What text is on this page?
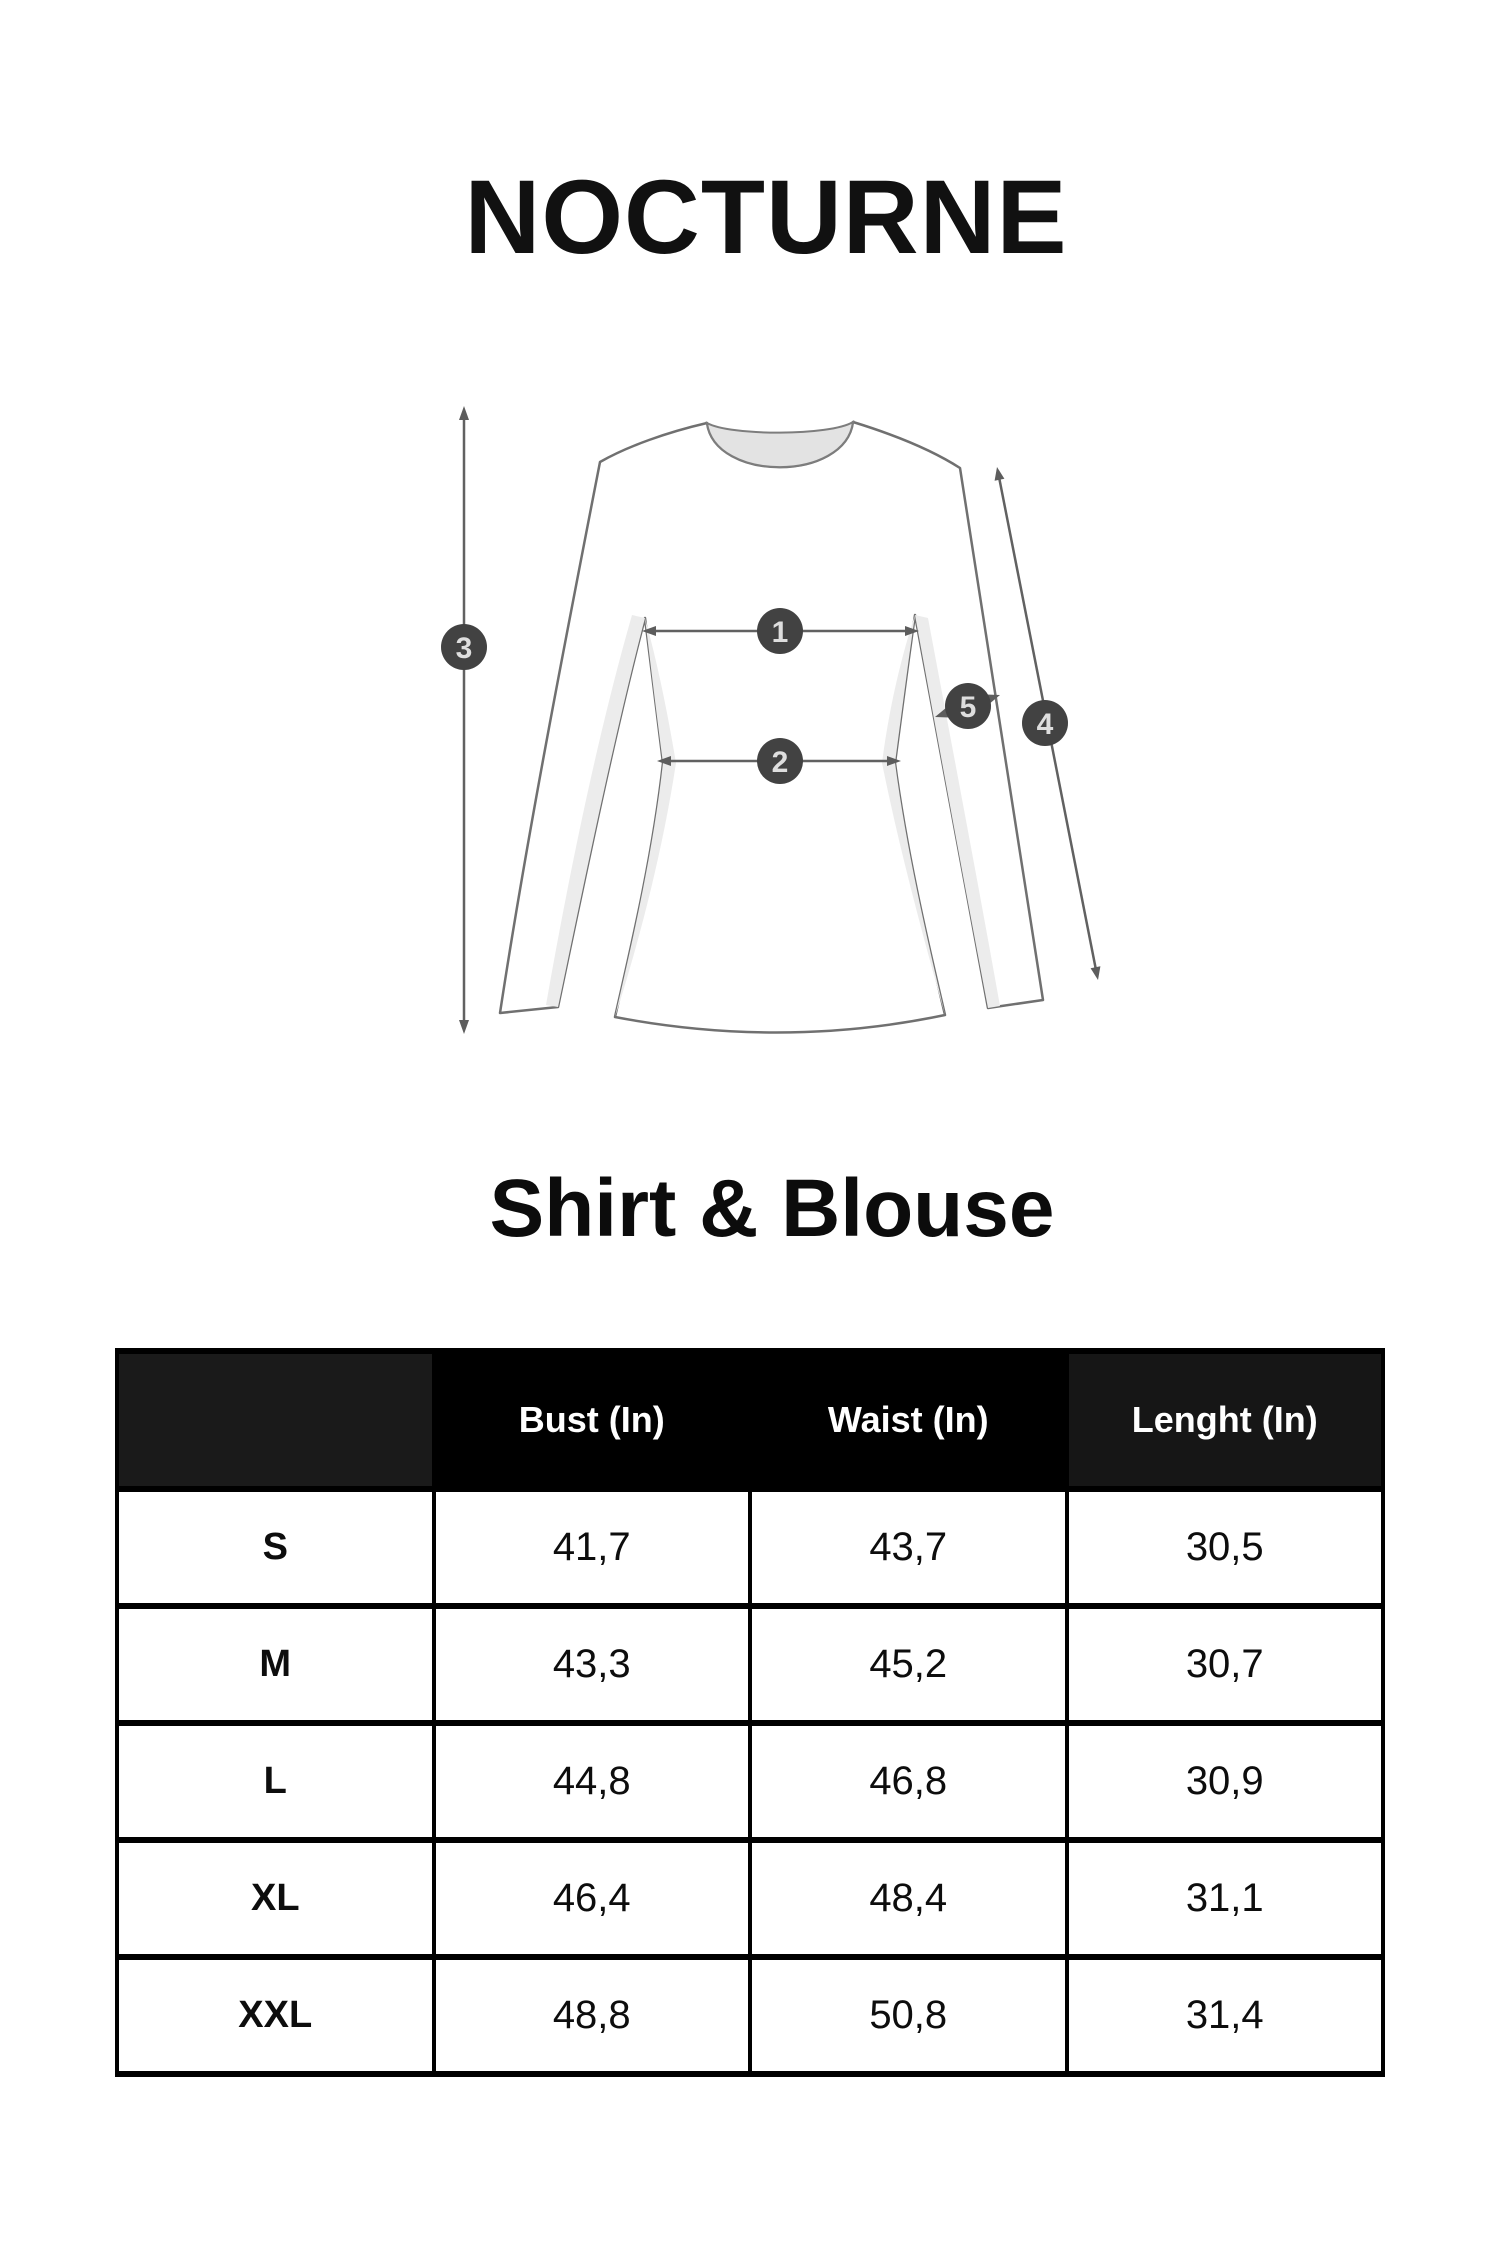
NOCTURNE
1
2
3
4
5
Shirt & Blouse
	Bust (In)	Waist (In)	Lenght (In)
S	41,7	43,7	30,5
M	43,3	45,2	30,7
L	44,8	46,8	30,9
XL	46,4	48,4	31,1
XXL	48,8	50,8	31,4
